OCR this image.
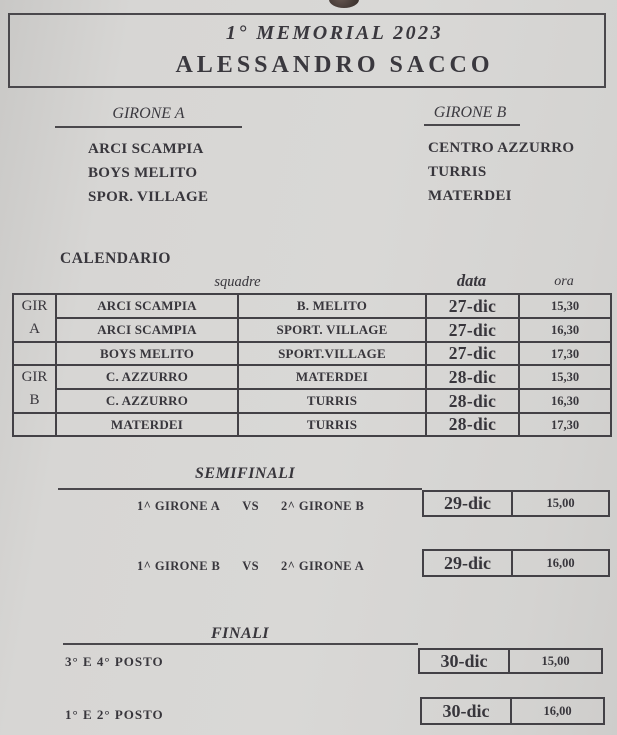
1° MEMORIAL 2023
ALESSANDRO SACCO
GIRONE A
ARCI SCAMPIA
BOYS MELITO
SPOR. VILLAGE
GIRONE B
CENTRO AZZURRO
TURRIS
MATERDEI
CALENDARIO
squadre	data	ora
GIR
A	ARCI SCAMPIA	B. MELITO	27-dic	15,30
	ARCI SCAMPIA	SPORT. VILLAGE	27-dic	16,30
	BOYS MELITO	SPORT.VILLAGE	27-dic	17,30

GIR
B	C. AZZURRO	MATERDEI	28-dic	15,30
	C. AZZURRO	TURRIS	28-dic	16,30
	MATERDEI	TURRIS	28-dic	17,30
SEMIFINALI
1^ GIRONE A VS 2^ GIRONE B	29-dic	15,00
1^ GIRONE B VS 2^ GIRONE A	29-dic	16,00
FINALI
3° E 4° POSTO	30-dic	15,00
1° E 2° POSTO	30-dic	16,00
